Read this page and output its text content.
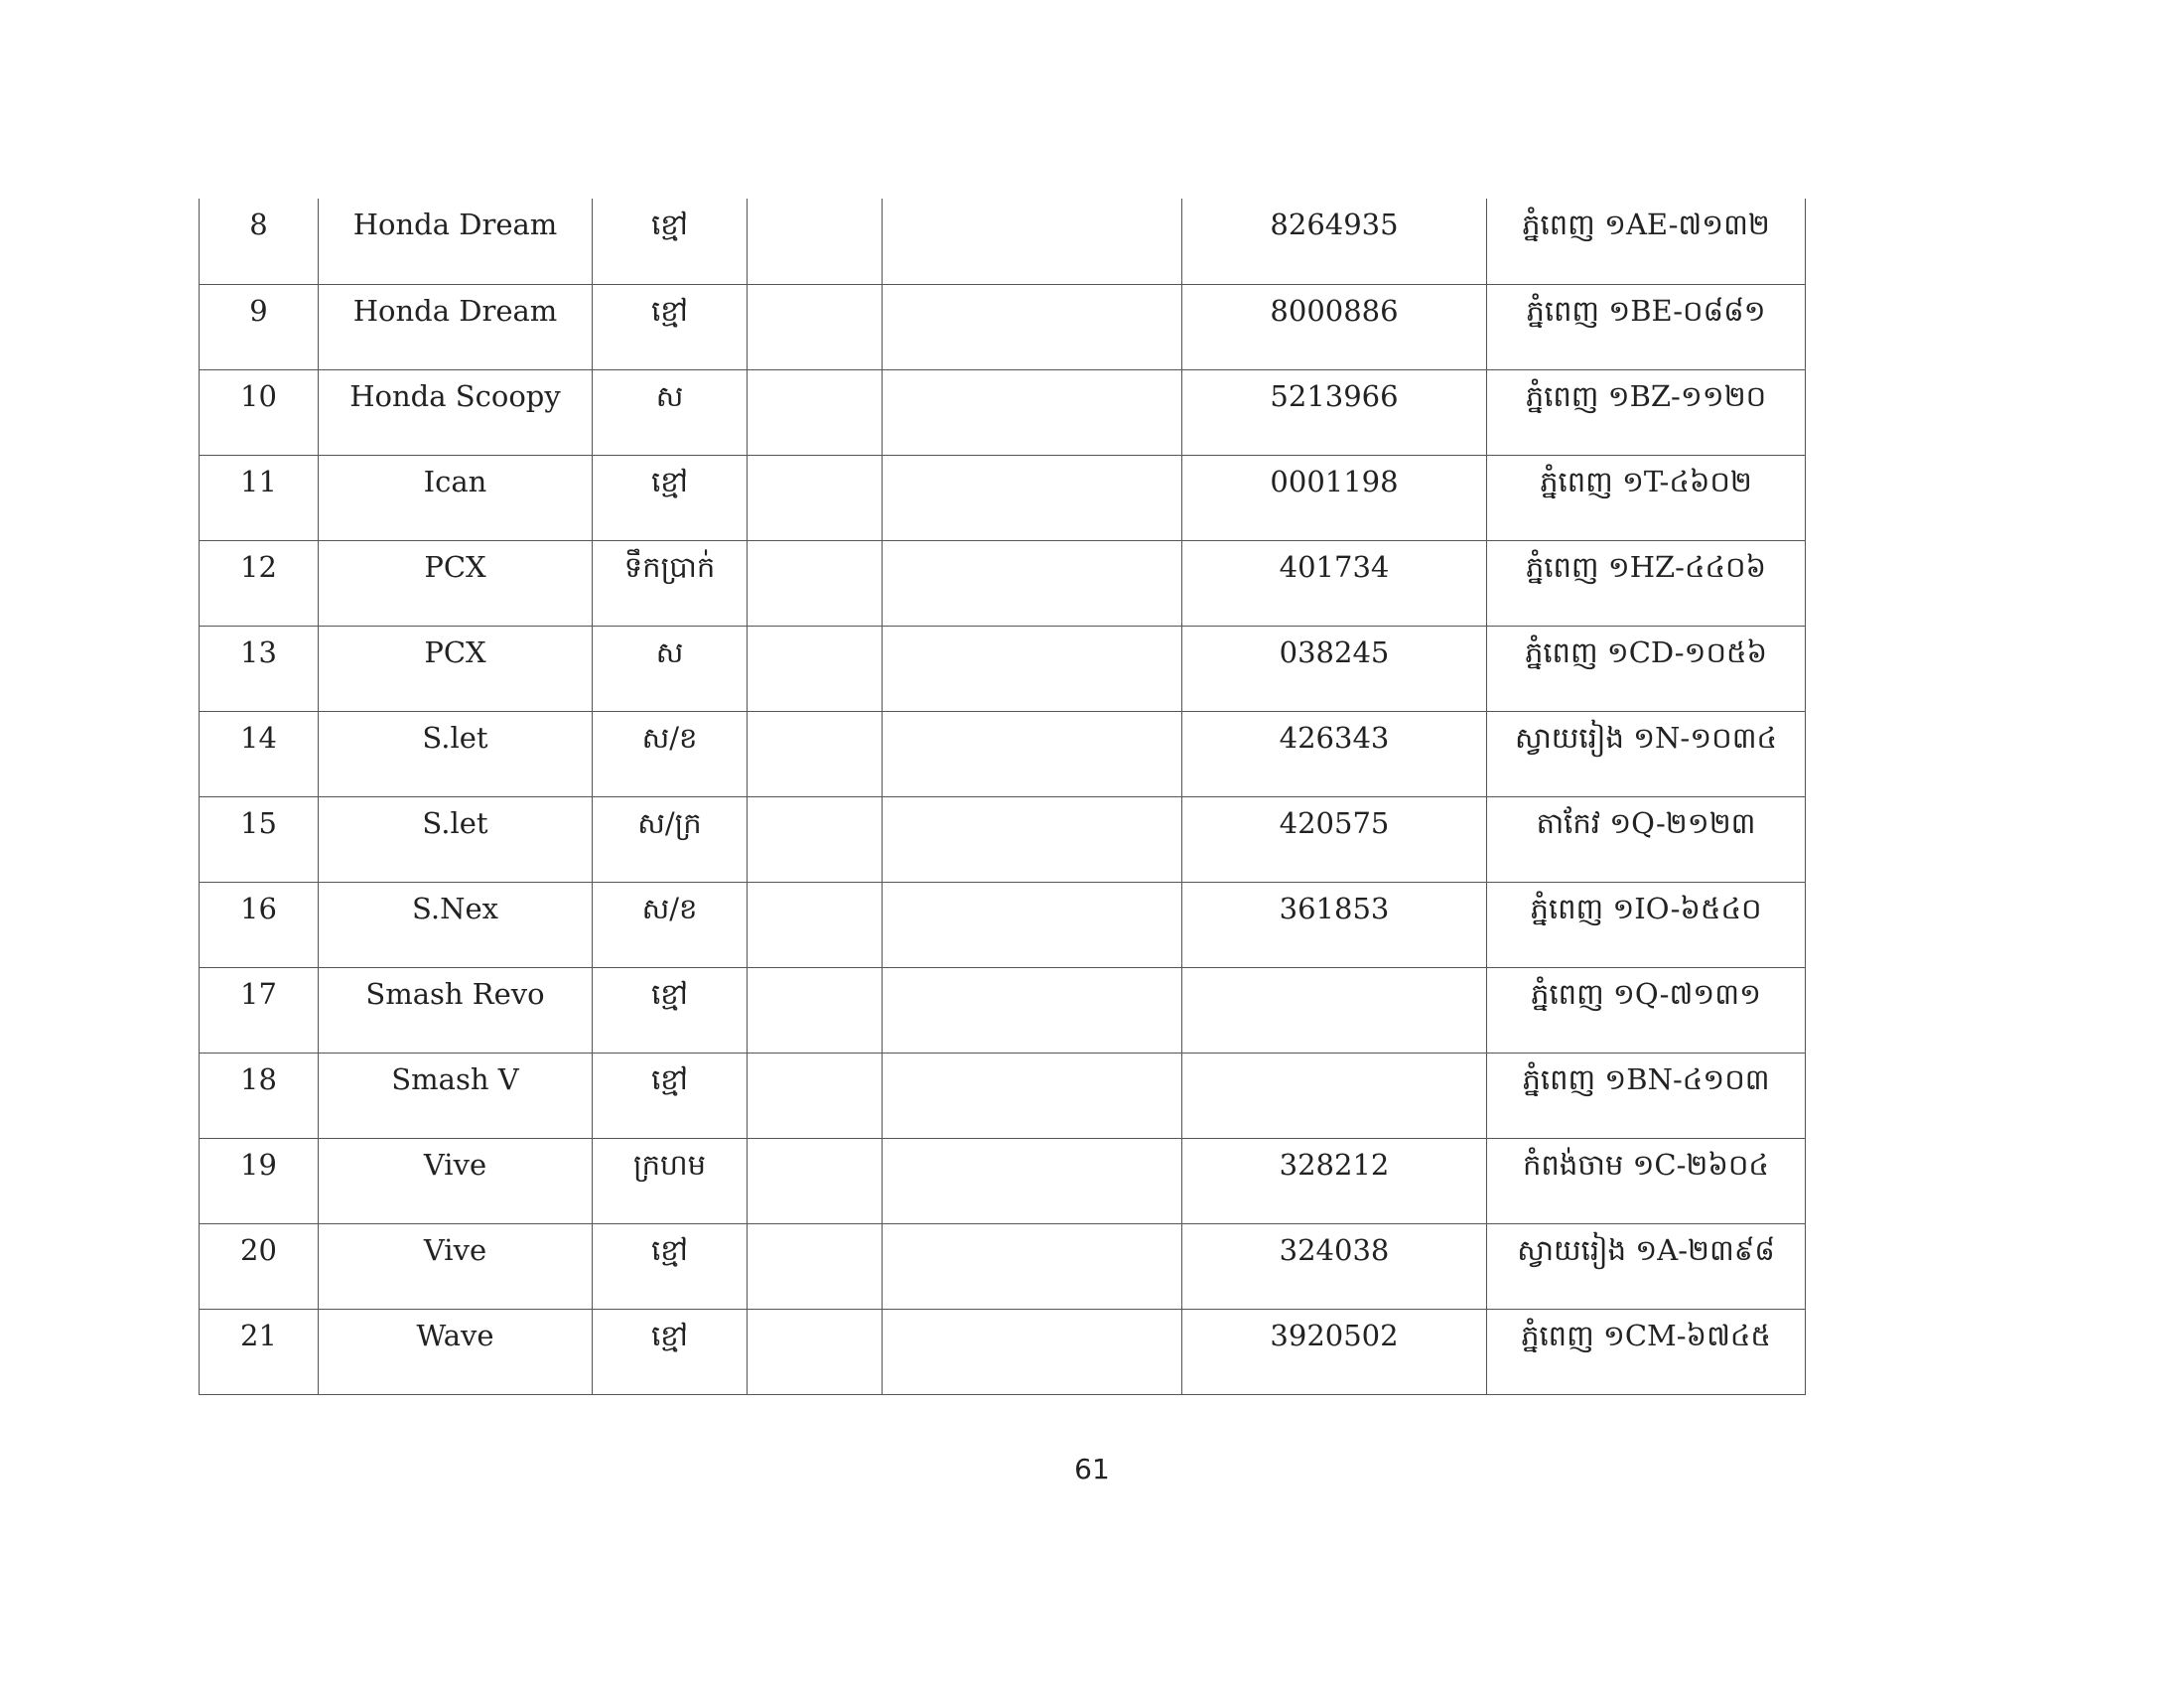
8	Honda Dream	ខ្មៅ			8264935	ភ្នំពេញ ១AE-៧១៣២

9	Honda Dream	ខ្មៅ			8000886	ភ្នំពេញ ១BE-០៨៨១

10	Honda Scoopy	ស			5213966	ភ្នំពេញ ១BZ-១១២០

11	Ican	ខ្មៅ			0001198	ភ្នំពេញ ១T-៤៦០២

12	PCX	ទឹកប្រាក់			401734	ភ្នំពេញ ១HZ-៤៤០៦

13	PCX	ស			038245	ភ្នំពេញ ១CD-១០៥៦

14	S.let	ស/ខ			426343	ស្វាយរៀង ១N-១០៣៤

15	S.let	ស/ក្រ			420575	តាកែវ ១Q-២១២៣

16	S.Nex	ស/ខ			361853	ភ្នំពេញ ១IO-៦៥៤០

17	Smash Revo	ខ្មៅ				ភ្នំពេញ ១Q-៧១៣១

18	Smash V	ខ្មៅ				ភ្នំពេញ ១BN-៤១០៣

19	Vive	ក្រហម			328212	កំពង់ចាម ១C-២៦០៤

20	Vive	ខ្មៅ			324038	ស្វាយរៀង ១A-២៣៩៨

21	Wave	ខ្មៅ			3920502	ភ្នំពេញ ១CM-៦៧៤៥
61
